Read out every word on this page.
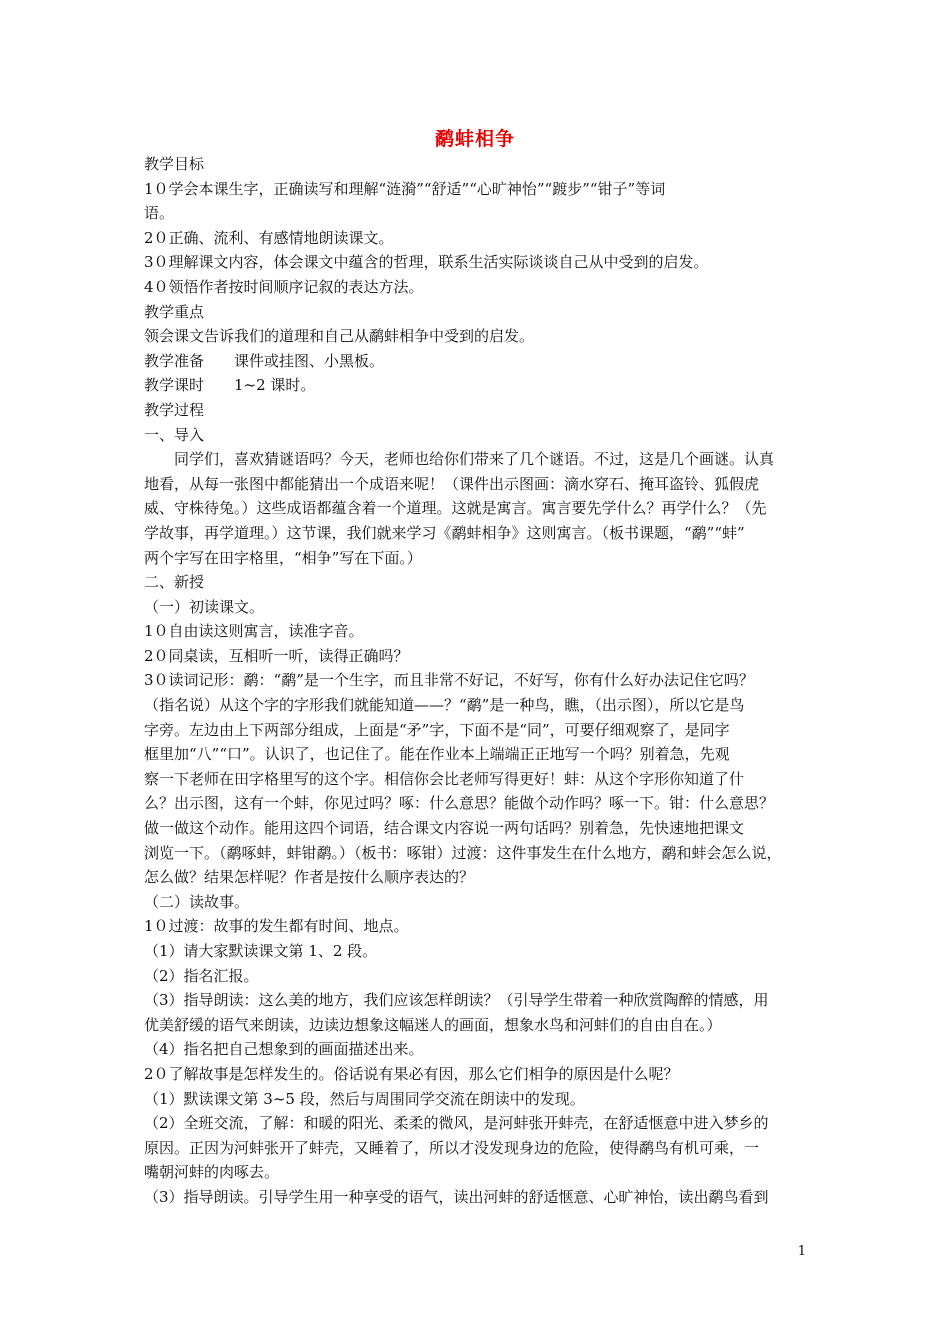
鹬蚌相争
教学目标
1０学会本课生字，正确读写和理解“涟漪”“舒适”“心旷神怡”“踱步”“钳子”等词
语。
2０正确、流利、有感情地朗读课文。
3０理解课文内容，体会课文中蕴含的哲理，联系生活实际谈谈自己从中受到的启发。
4０领悟作者按时间顺序记叙的表达方法。
教学重点
领会课文告诉我们的道理和自己从鹬蚌相争中受到的启发。
教学准备　　课件或挂图、小黑板。
教学课时　　1~2 课时。
教学过程
一、导入
　　同学们，喜欢猜谜语吗？今天，老师也给你们带来了几个谜语。不过，这是几个画谜。认真
地看，从每一张图中都能猜出一个成语来呢！（课件出示图画：滴水穿石、掩耳盗铃、狐假虎
威、守株待兔。）这些成语都蕴含着一个道理。这就是寓言。寓言要先学什么？再学什么？（先
学故事，再学道理。）这节课，我们就来学习《鹬蚌相争》这则寓言。（板书课题，“鹬”“蚌”
两个字写在田字格里，“相争”写在下面。）
二、新授
（一）初读课文。
1０自由读这则寓言，读准字音。
2０同桌读，互相听一听，读得正确吗？
3０读词记形：鹬：“鹬”是一个生字，而且非常不好记，不好写，你有什么好办法记住它吗？
（指名说）从这个字的字形我们就能知道——？“鹬”是一种鸟，瞧，（出示图），所以它是鸟
字旁。左边由上下两部分组成，上面是“矛”字，下面不是“同”，可要仔细观察了，是同字
框里加“八”“口”。认识了，也记住了。能在作业本上端端正正地写一个吗？别着急，先观
察一下老师在田字格里写的这个字。相信你会比老师写得更好！蚌：从这个字形你知道了什
么？出示图，这有一个蚌，你见过吗？啄：什么意思？能做个动作吗？啄一下。钳：什么意思？
做一做这个动作。能用这四个词语，结合课文内容说一两句话吗？别着急，先快速地把课文
浏览一下。（鹬啄蚌，蚌钳鹬。）（板书：啄钳）过渡：这件事发生在什么地方，鹬和蚌会怎么说，
怎么做？结果怎样呢？作者是按什么顺序表达的？
（二）读故事。
1０过渡：故事的发生都有时间、地点。
（1）请大家默读课文第 1、2 段。
（2）指名汇报。
（3）指导朗读：这么美的地方，我们应该怎样朗读？（引导学生带着一种欣赏陶醉的情感，用
优美舒缓的语气来朗读，边读边想象这幅迷人的画面，想象水鸟和河蚌们的自由自在。）
（4）指名把自己想象到的画面描述出来。
2０了解故事是怎样发生的。俗话说有果必有因，那么它们相争的原因是什么呢？
（1）默读课文第 3~5 段，然后与周围同学交流在朗读中的发现。
（2）全班交流，了解：和暖的阳光、柔柔的微风，是河蚌张开蚌壳，在舒适惬意中进入梦乡的
原因。正因为河蚌张开了蚌壳，又睡着了，所以才没发现身边的危险，使得鹬鸟有机可乘，一
嘴朝河蚌的肉啄去。
（3）指导朗读。引导学生用一种享受的语气，读出河蚌的舒适惬意、心旷神怡，读出鹬鸟看到
1
